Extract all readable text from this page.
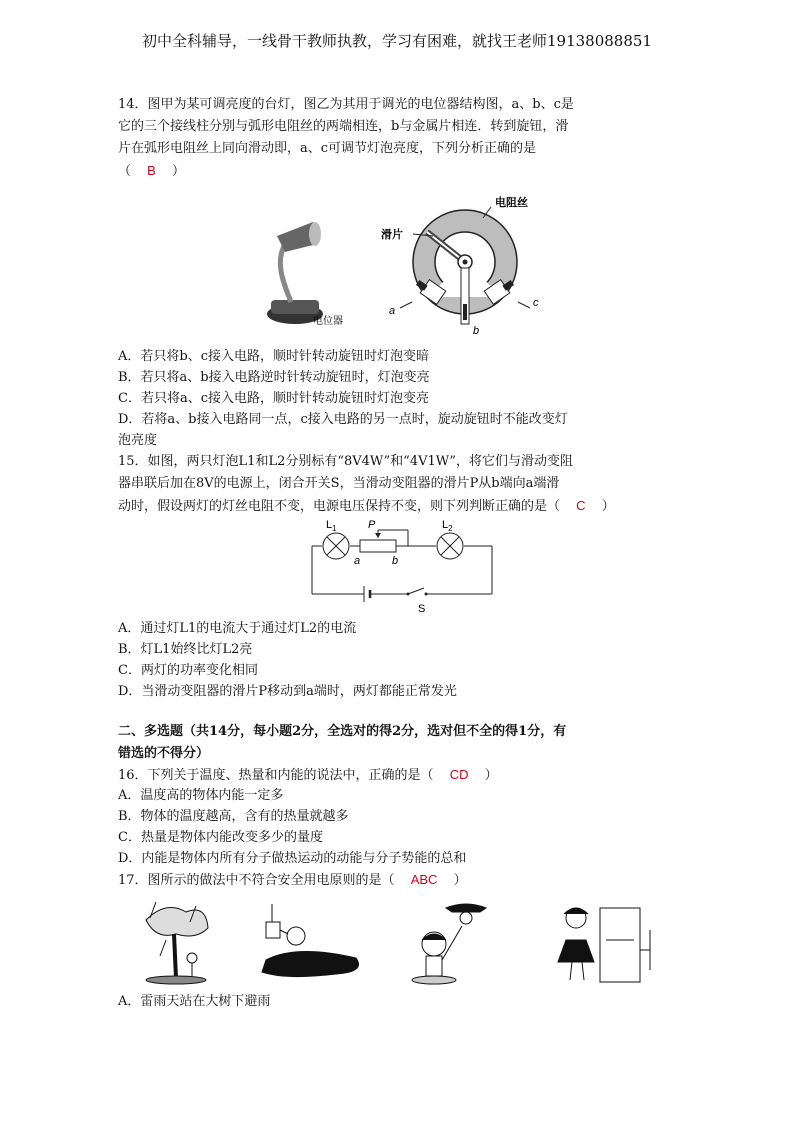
初中全科辅导，一线骨干教师执教，学习有困难，就找王老师19138088851
14．图甲为某可调亮度的台灯，图乙为其用于调光的电位器结构图，a、b、c是
它的三个接线柱分别与弧形电阻丝的两端相连，b与金属片相连．转到旋钮，滑
片在弧形电阻丝上同向滑动即，a、c可调节灯泡亮度，下列分析正确的是
（ B ）
电位器
电阻丝
滑片
a
b
c
A．若只将b、c接入电路，顺时针转动旋钮时灯泡变暗
B．若只将a、b接入电路逆时针转动旋钮时，灯泡变亮
C．若只将a、c接入电路，顺时针转动旋钮时灯泡变亮
D．若将a、b接入电路同一点，c接入电路的另一点时，旋动旋钮时不能改变灯
泡亮度
15．如图，两只灯泡L1和L2分别标有“8V4W”和“4V1W”，将它们与滑动变阻
器串联后加在8V的电源上，闭合开关S，当滑动变阻器的滑片P从b端向a端滑
动时，假设两灯的灯丝电阻不变，电源电压保持不变，则下列判断正确的是（ C ）
$L_1$	$L_2$
P
a	b
S
A．通过灯L1的电流大于通过灯L2的电流
B．灯L1始终比灯L2亮
C．两灯的功率变化相同
D．当滑动变阻器的滑片P移动到a端时，两灯都能正常发光
二、多选题（共14分，每小题2分，全选对的得2分，选对但不全的得1分，有
错选的不得分）
16．下列关于温度、热量和内能的说法中，正确的是（ CD ）
A．温度高的物体内能一定多
B．物体的温度越高，含有的热量就越多
C．热量是物体内能改变多少的量度
D．内能是物体内所有分子做热运动的动能与分子势能的总和
17．图所示的做法中不符合安全用电原则的是（ ABC ）
A．雷雨天站在大树下避雨
